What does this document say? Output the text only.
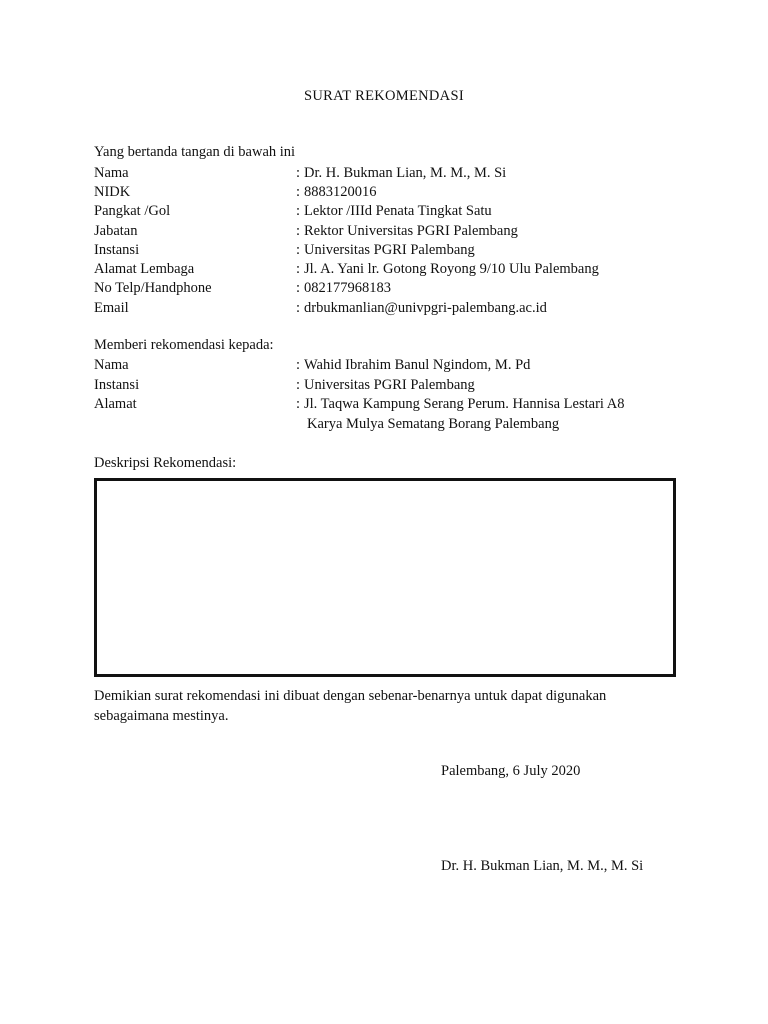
SURAT REKOMENDASI
Yang bertanda tangan di bawah ini
Nama	: Dr. H. Bukman Lian, M. M., M. Si
NIDK	: 8883120016
Pangkat /Gol	: Lektor /IIId Penata Tingkat Satu
Jabatan	: Rektor Universitas PGRI Palembang
Instansi	: Universitas PGRI Palembang
Alamat Lembaga	: Jl. A. Yani lr. Gotong Royong 9/10 Ulu Palembang
No Telp/Handphone	: 082177968183
Email	: drbukmanlian@univpgri-palembang.ac.id
Memberi rekomendasi kepada:
Nama	: Wahid Ibrahim Banul Ngindom, M. Pd
Instansi	: Universitas PGRI Palembang
Alamat	: Jl. Taqwa Kampung Serang Perum. Hannisa Lestari A8
Karya Mulya Sematang Borang Palembang
Deskripsi Rekomendasi:
Demikian surat rekomendasi ini dibuat dengan sebenar-benarnya untuk dapat digunakan sebagaimana mestinya.
Palembang, 6 July 2020
Dr. H. Bukman Lian, M. M., M. Si
